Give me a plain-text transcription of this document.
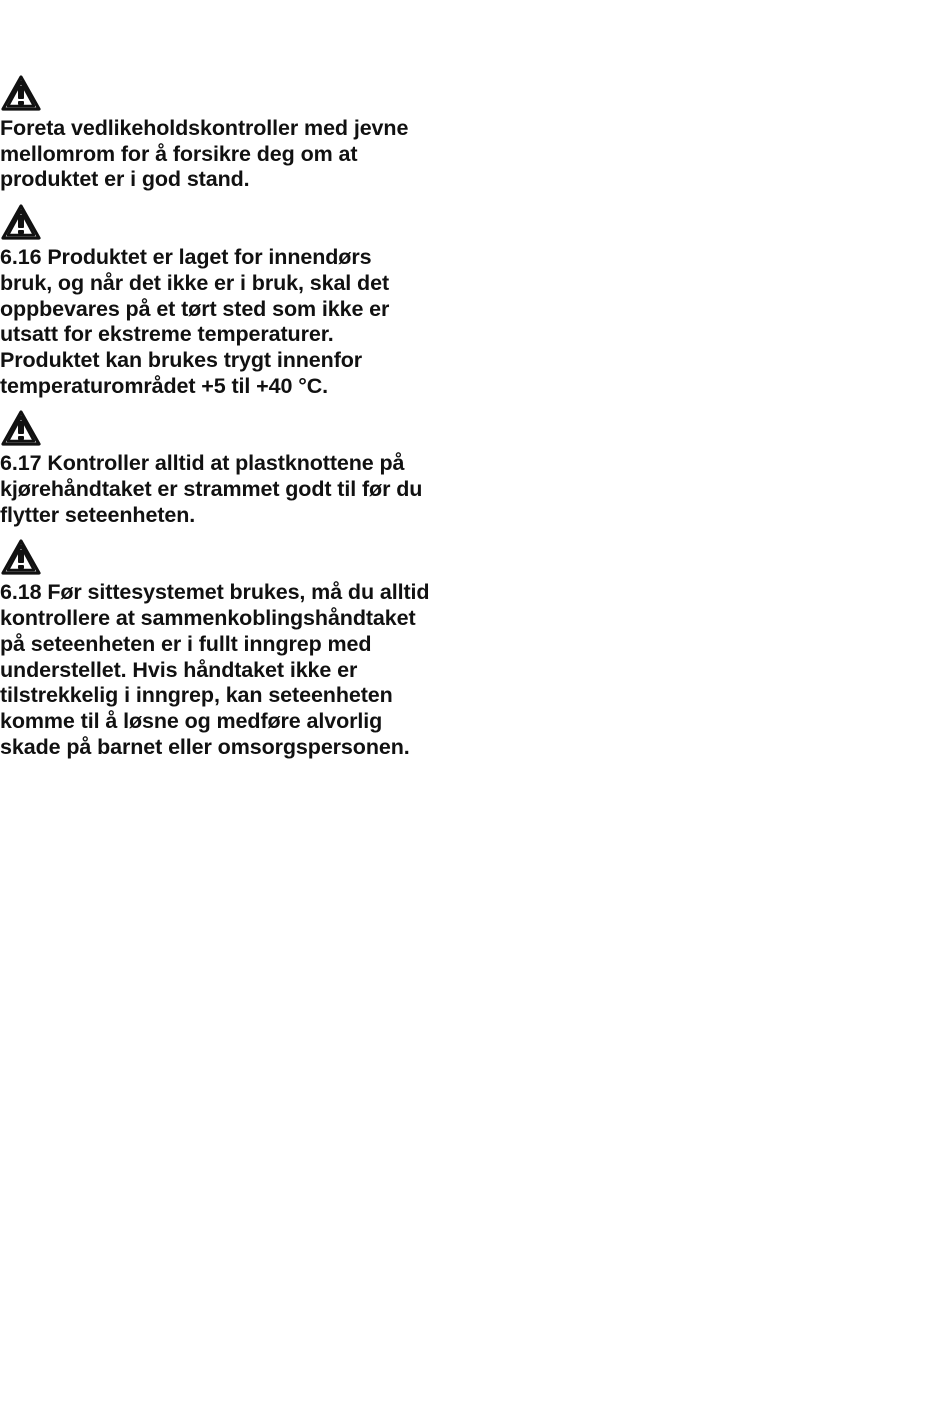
Foreta vedlikeholdskontroller med jevne
mellomrom for å forsikre deg om at
produktet er i god stand.

6.16 Produktet er laget for innendørs
bruk, og når det ikke er i bruk, skal det
oppbevares på et tørt sted som ikke er
utsatt for ekstreme temperaturer.
Produktet kan brukes trygt innenfor
temperaturområdet +5 til +40 °C.

6.17 Kontroller alltid at plastknottene på
kjørehåndtaket er strammet godt til før du
flytter seteenheten.

6.18 Før sittesystemet brukes, må du alltid
kontrollere at sammenkoblingshåndtaket
på seteenheten er i fullt inngrep med
understellet. Hvis håndtaket ikke er
tilstrekkelig i inngrep, kan seteenheten
komme til å løsne og medføre alvorlig
skade på barnet eller omsorgspersonen.
